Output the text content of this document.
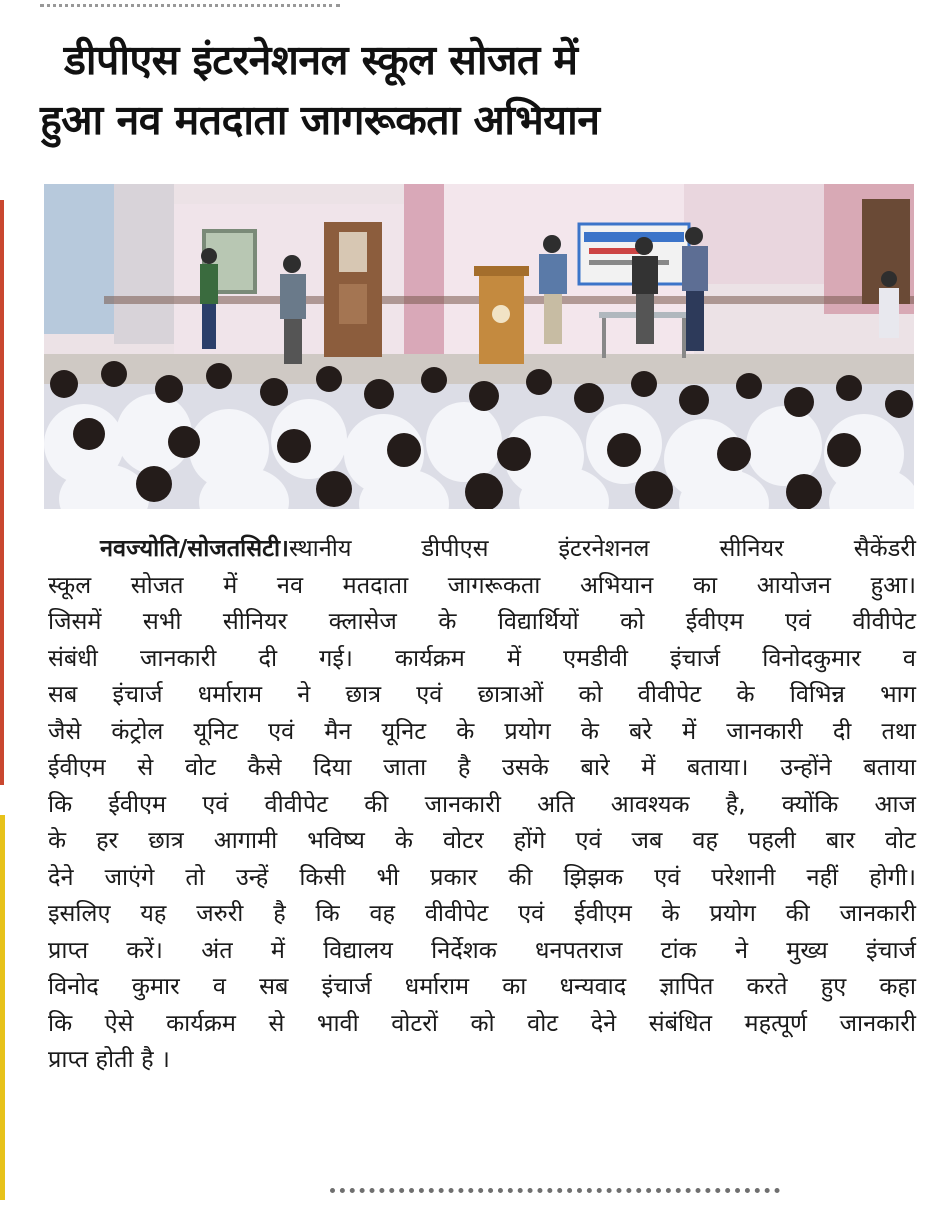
डीपीएस इंटरनेशनल स्कूल सोजत में
हुआ नव मतदाता जागरूकता अभियान
नवज्योति/सोजतसिटी।स्थानीय डीपीएस इंटरनेशनल सीनियर सैकेंडरी
स्कूल सोजत में नव मतदाता जागरूकता अभियान का आयोजन हुआ।
जिसमें सभी सीनियर क्लासेज के विद्यार्थियों को ईवीएम एवं वीवीपेट
संबंधी जानकारी दी गई। कार्यक्रम में एमडीवी इंचार्ज विनोदकुमार व
सब इंचार्ज धर्माराम ने छात्र एवं छात्राओं को वीवीपेट के विभिन्न भाग
जैसे कंट्रोल यूनिट एवं मैन यूनिट के प्रयोग के बरे में जानकारी दी तथा
ईवीएम से वोट कैसे दिया जाता है उसके बारे में बताया। उन्होंने बताया
कि ईवीएम एवं वीवीपेट की जानकारी अति आवश्यक है, क्योंकि आज
के हर छात्र आगामी भविष्य के वोटर होंगे एवं जब वह पहली बार वोट
देने जाएंगे तो उन्हें किसी भी प्रकार की झिझक एवं परेशानी नहीं होगी।
इसलिए यह जरुरी है कि वह वीवीपेट एवं ईवीएम के प्रयोग की जानकारी
प्राप्त करें। अंत में विद्यालय निर्देशक धनपतराज टांक ने मुख्य इंचार्ज
विनोद कुमार व सब इंचार्ज धर्माराम का धन्यवाद ज्ञापित करते हुए कहा
कि ऐसे कार्यक्रम से भावी वोटरों को वोट देने संबंधित महत्पूर्ण जानकारी
प्राप्त होती है ।
